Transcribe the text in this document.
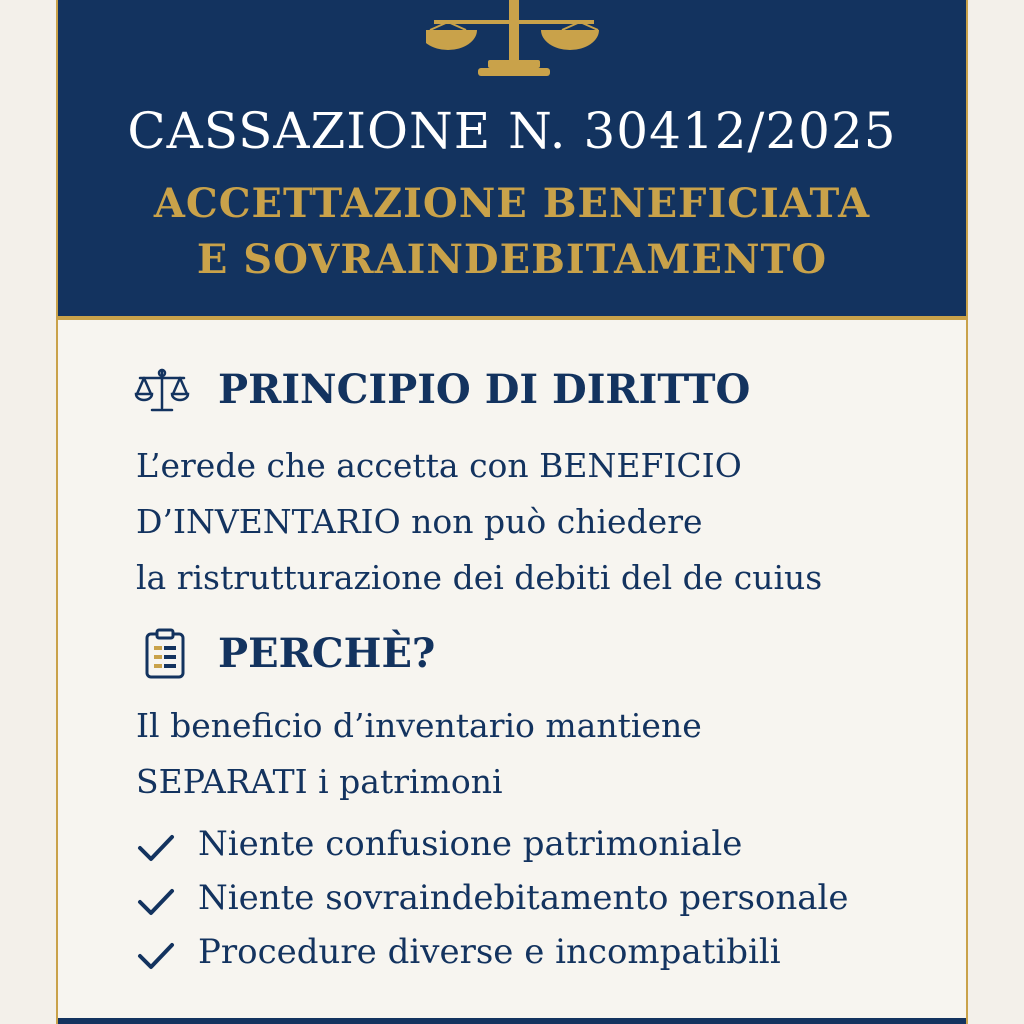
CASSAZIONE N. 30412/2025
ACCETTAZIONE BENEFICIATA
E SOVRAINDEBITAMENTO
PRINCIPIO DI DIRITTO
L’erede che accetta con BENEFICIO
D’INVENTARIO non può chiedere
la ristrutturazione dei debiti del de cuius
PERCHÈ?
Il beneficio d’inventario mantiene
SEPARATI i patrimoni
Niente confusione patrimoniale
Niente sovraindebitamento personale
Procedure diverse e incompatibili
